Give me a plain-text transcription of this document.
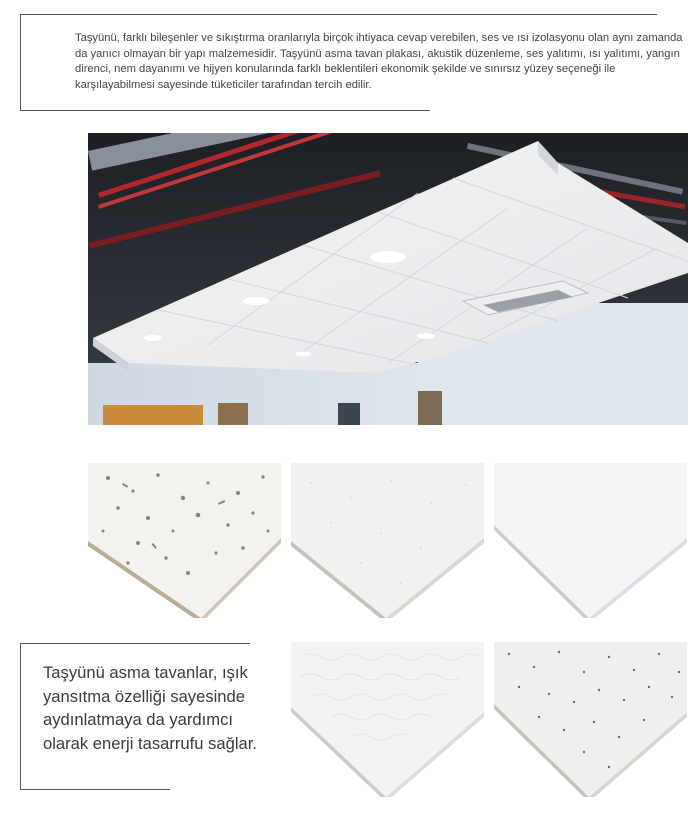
Taşyünü, farklı bileşenler ve sıkıştırma oranlarıyla birçok ihtiyaca cevap verebilen, ses ve ısı izolasyonu olan aynı zamanda da yanıcı olmayan bir yapı malzemesidir. Taşyünü asma tavan plakası, akustik düzenleme, ses yalıtımı, ısı yalıtımı, yangın direnci, nem dayanımı ve hijyen konularında farklı beklentileri ekonomik şekilde ve sınırsız yüzey seçeneği ile karşılayabilmesi sayesinde tüketiciler tarafından tercih edilir.

Taşyünü asma tavanlar, ışık yansıtma özelliği sayesinde aydınlatmaya da yardımcı olarak enerji tasarrufu sağlar.
